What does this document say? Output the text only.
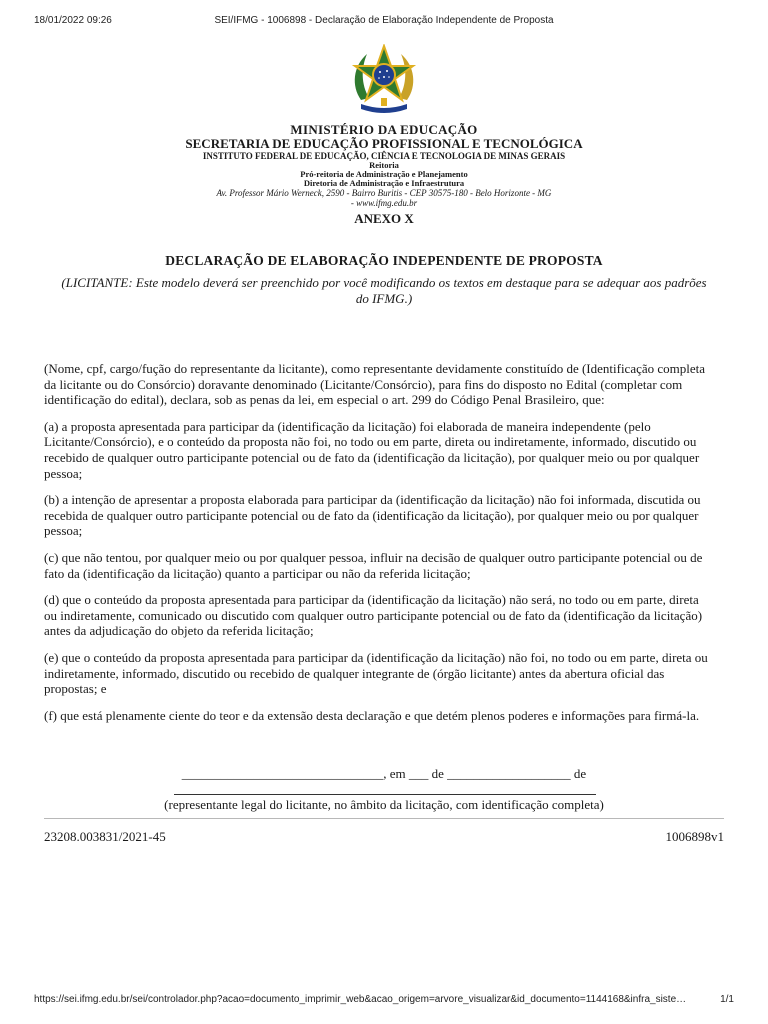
18/01/2022 09:26	SEI/IFMG - 1006898 - Declaração de Elaboração Independente de Proposta
MINISTÉRIO DA EDUCAÇÃO
SECRETARIA DE EDUCAÇÃO PROFISSIONAL E TECNOLÓGICA
INSTITUTO FEDERAL DE EDUCAÇÃO, CIÊNCIA E TECNOLOGIA DE MINAS GERAIS
Reitoria
Pró-reitoria de Administração e Planejamento
Diretoria de Administração e Infraestrutura
Av. Professor Mário Werneck, 2590 - Bairro Buritis - CEP 30575-180 - Belo Horizonte - MG
- www.ifmg.edu.br
ANEXO X
DECLARAÇÃO DE ELABORAÇÃO INDEPENDENTE DE PROPOSTA
(LICITANTE: Este modelo deverá ser preenchido por você modificando os textos em destaque para se adequar aos padrões do IFMG.)

(Nome, cpf, cargo/fução do representante da licitante), como representante devidamente constituído de (Identificação completa da licitante ou do Consórcio) doravante denominado (Licitante/Consórcio), para fins do disposto no Edital (completar com identificação do edital), declara, sob as penas da lei, em especial o art. 299 do Código Penal Brasileiro, que:

(a) a proposta apresentada para participar da (identificação da licitação) foi elaborada de maneira independente (pelo Licitante/Consórcio), e o conteúdo da proposta não foi, no todo ou em parte, direta ou indiretamente, informado, discutido ou recebido de qualquer outro participante potencial ou de fato da (identificação da licitação), por qualquer meio ou por qualquer pessoa;

(b) a intenção de apresentar a proposta elaborada para participar da (identificação da licitação) não foi informada, discutida ou recebida de qualquer outro participante potencial ou de fato da (identificação da licitação), por qualquer meio ou por qualquer pessoa;

(c) que não tentou, por qualquer meio ou por qualquer pessoa, influir na decisão de qualquer outro participante potencial ou de fato da (identificação da licitação) quanto a participar ou não da referida licitação;

(d) que o conteúdo da proposta apresentada para participar da (identificação da licitação) não será, no todo ou em parte, direta ou indiretamente, comunicado ou discutido com qualquer outro participante potencial ou de fato da (identificação da licitação) antes da adjudicação do objeto da referida licitação;

(e) que o conteúdo da proposta apresentada para participar da (identificação da licitação) não foi, no todo ou em parte, direta ou indiretamente, informado, discutido ou recebido de qualquer integrante de (órgão licitante) antes da abertura oficial das propostas; e

(f) que está plenamente ciente do teor e da extensão desta declaração e que detém plenos poderes e informações para firmá-la.

_______________________________, em ___ de ___________________ de
(representante legal do licitante, no âmbito da licitação, com identificação completa)
23208.003831/2021-45	1006898v1
https://sei.ifmg.edu.br/sei/controlador.php?acao=documento_imprimir_web&acao_origem=arvore_visualizar&id_documento=1144168&infra_siste…	1/1
